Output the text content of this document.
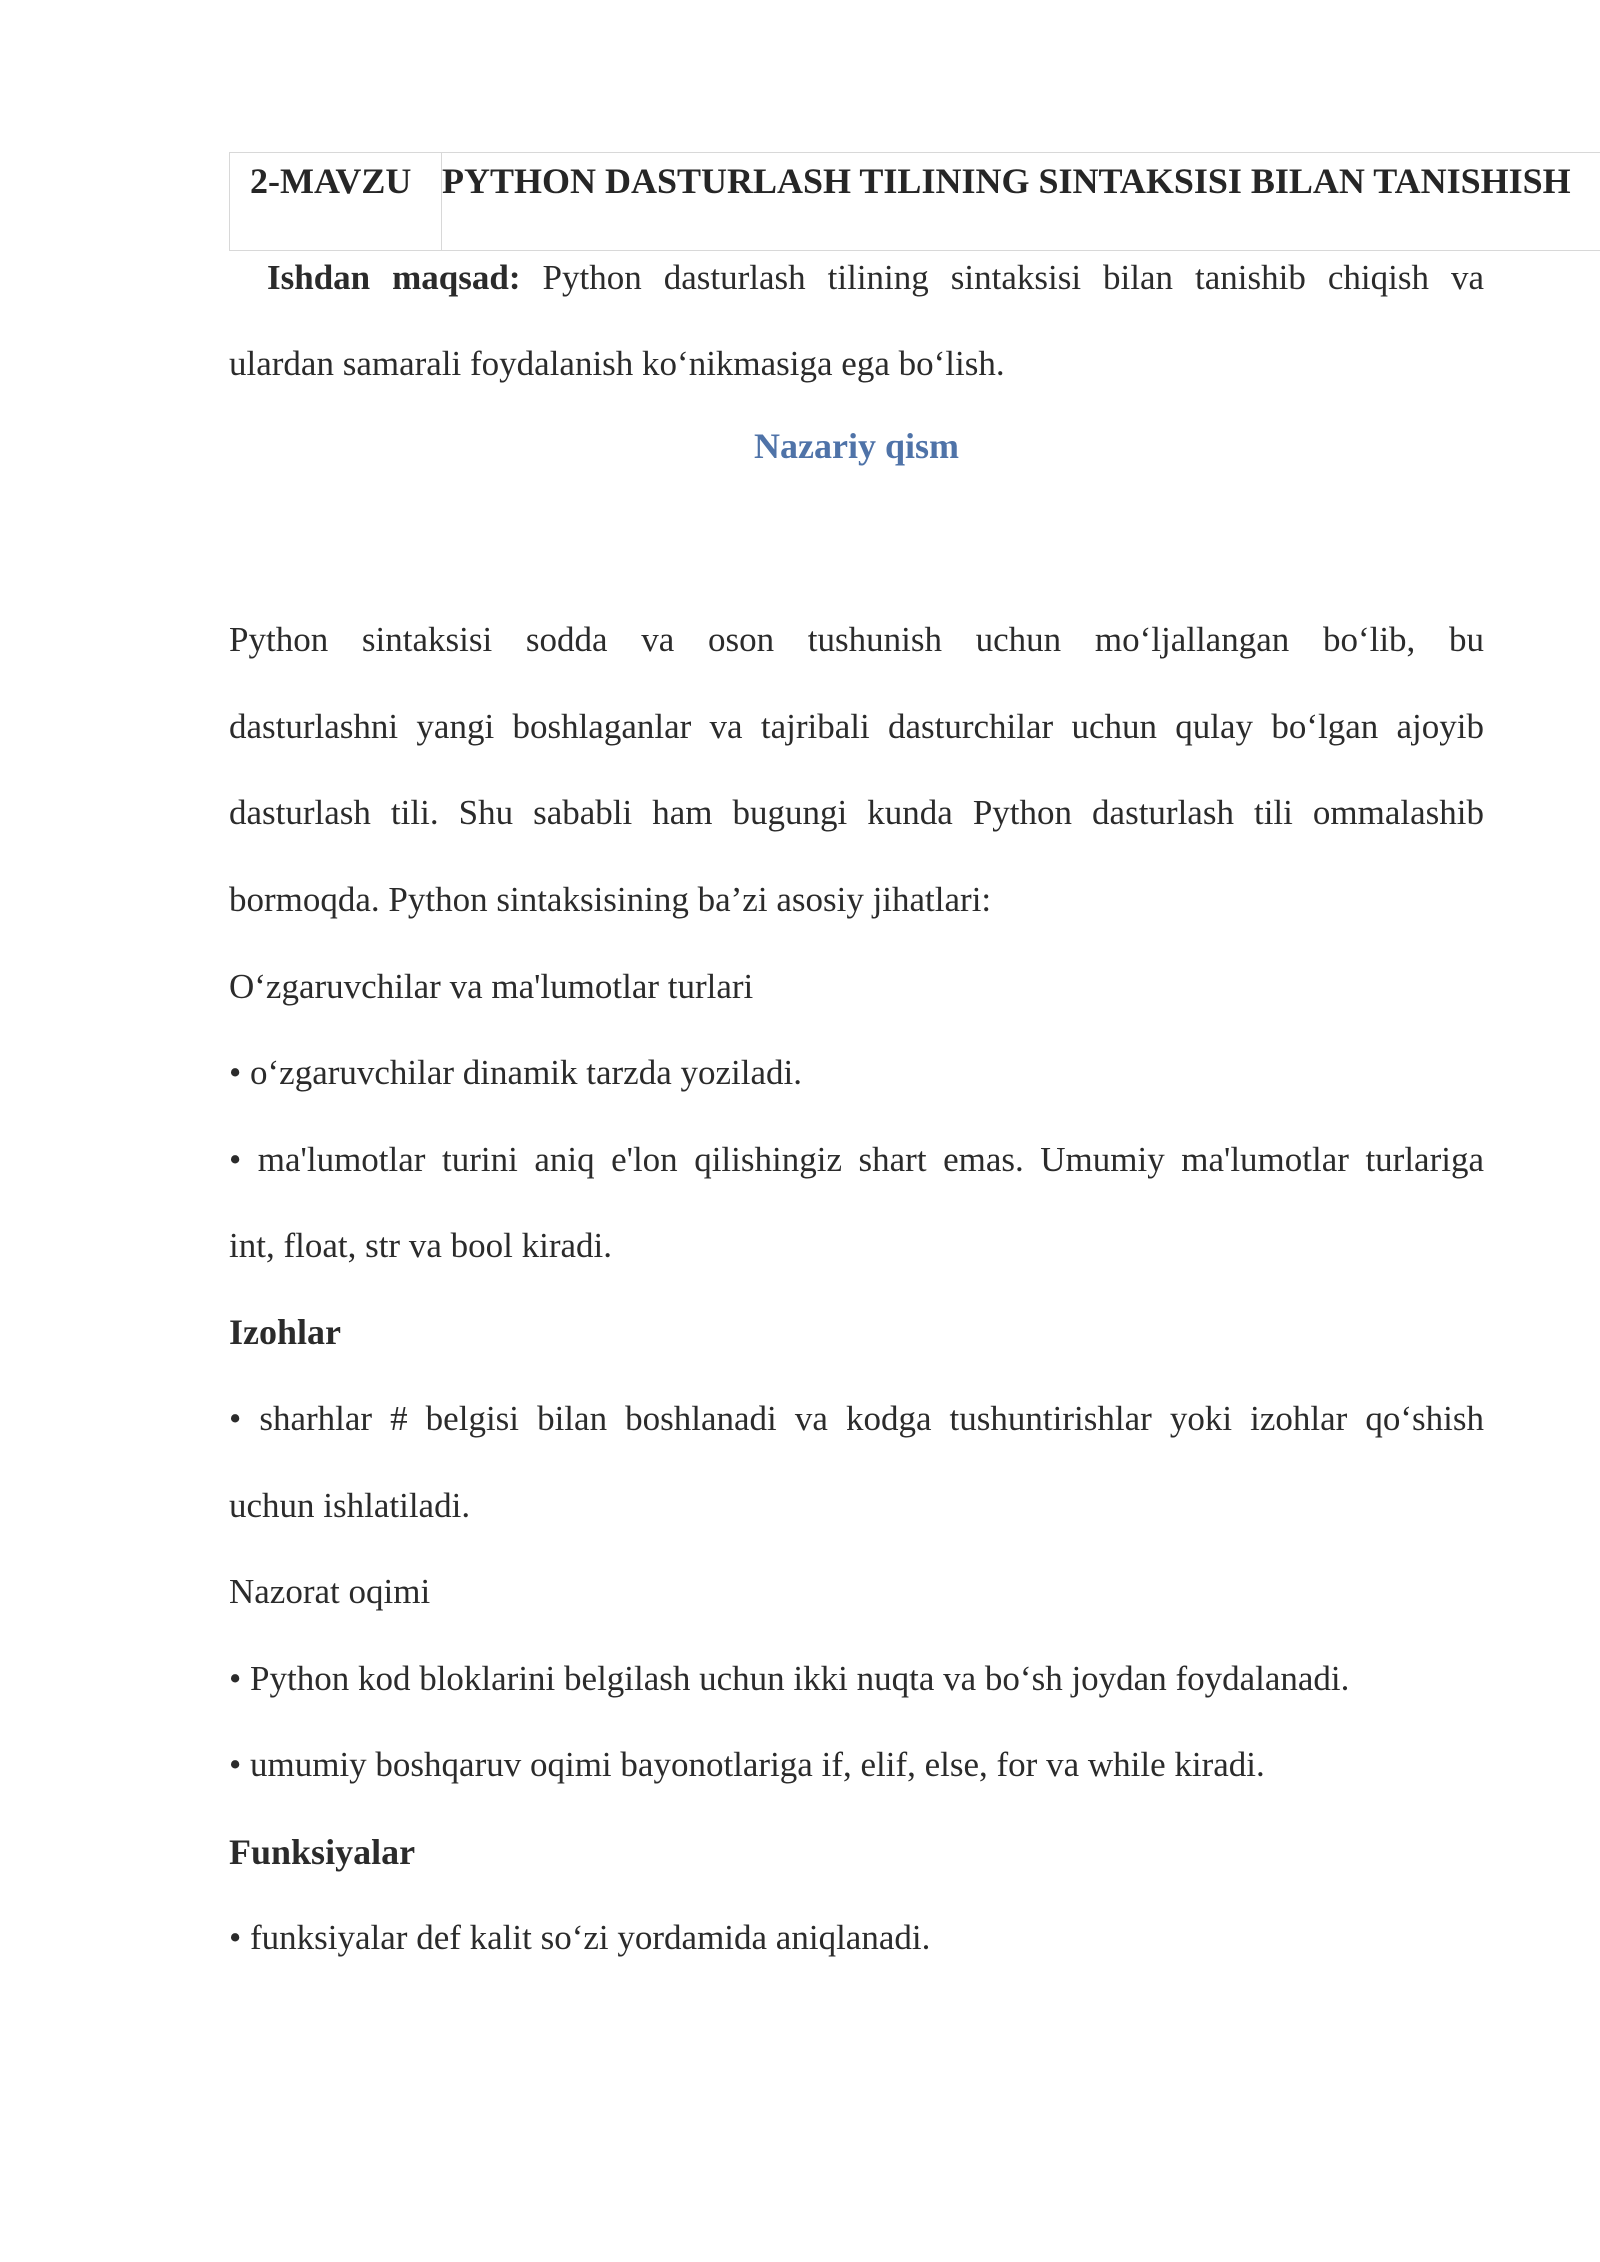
2-MAVZU PYTHON DASTURLASH TILINING SINTAKSISI BILAN TANISHISH

Ishdan maqsad: Python dasturlash tilining sintaksisi bilan tanishib chiqish va

ulardan samarali foydalanish ko‘nikmasiga ega bo‘lish.

Nazariy qism

Python sintaksisi sodda va oson tushunish uchun mo‘ljallangan bo‘lib, bu

dasturlashni yangi boshlaganlar va tajribali dasturchilar uchun qulay bo‘lgan ajoyib

dasturlash tili. Shu sababli ham bugungi kunda Python dasturlash tili ommalashib

bormoqda. Python sintaksisining ba’zi asosiy jihatlari:

O‘zgaruvchilar va ma'lumotlar turlari

• o‘zgaruvchilar dinamik tarzda yoziladi.

• ma'lumotlar turini aniq e'lon qilishingiz shart emas. Umumiy ma'lumotlar turlariga

int, float, str va bool kiradi.

Izohlar

• sharhlar # belgisi bilan boshlanadi va kodga tushuntirishlar yoki izohlar qo‘shish

uchun ishlatiladi.

Nazorat oqimi

• Python kod bloklarini belgilash uchun ikki nuqta va bo‘sh joydan foydalanadi.

• umumiy boshqaruv oqimi bayonotlariga if, elif, else, for va while kiradi.

Funksiyalar

• funksiyalar def kalit so‘zi yordamida aniqlanadi.
